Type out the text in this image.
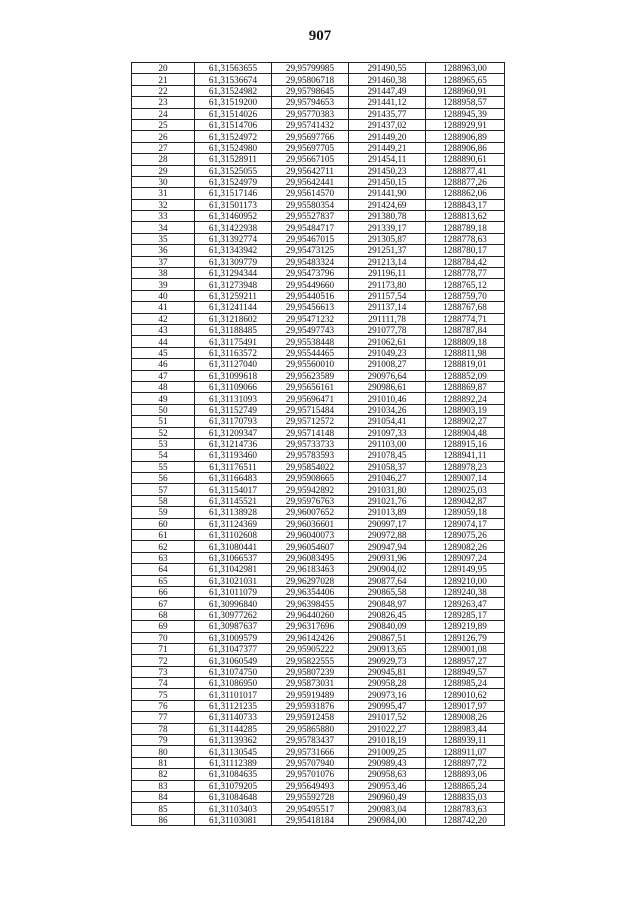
907
20	61,31563655	29,95799985	291490,55	1288963,00
21	61,31536674	29,95806718	291460,38	1288965,65
22	61,31524982	29,95798645	291447,49	1288960,91
23	61,31519200	29,95794653	291441,12	1288958,57
24	61,31514026	29,95770383	291435,77	1288945,39
25	61,31514706	29,95741432	291437,02	1288929,91
26	61,31524972	29,95697766	291449,20	1288906,89
27	61,31524980	29,95697705	291449,21	1288906,86
28	61,31528911	29,95667105	291454,11	1288890,61
29	61,31525055	29,95642711	291450,23	1288877,41
30	61,31524979	29,95642441	291450,15	1288877,26
31	61,31517146	29,95614570	291441,90	1288862,06
32	61,31501173	29,95580354	291424,69	1288843,17
33	61,31460952	29,95527837	291380,78	1288813,62
34	61,31422938	29,95484717	291339,17	1288789,18
35	61,31392774	29,95467015	291305,87	1288778,63
36	61,31343942	29,95473125	291251,37	1288780,17
37	61,31309779	29,95483324	291213,14	1288784,42
38	61,31294344	29,95473796	291196,11	1288778,77
39	61,31273948	29,95449660	291173,80	1288765,12
40	61,31259211	29,95440516	291157,54	1288759,70
41	61,31241144	29,95456613	291137,14	1288767,68
42	61,31218602	29,95471232	291111,78	1288774,71
43	61,31188485	29,95497743	291077,78	1288787,84
44	61,31175491	29,95538448	291062,61	1288809,18
45	61,31163572	29,95544465	291049,23	1288811,98
46	61,31127040	29,95560010	291008,27	1288819,01
47	61,31099618	29,95623589	290976,64	1288852,09
48	61,31109066	29,95656161	290986,61	1288869,87
49	61,31131093	29,95696471	291010,46	1288892,24
50	61,31152749	29,95715484	291034,26	1288903,19
51	61,31170793	29,95712572	291054,41	1288902,27
52	61,31209347	29,95714148	291097,33	1288904,48
53	61,31214736	29,95733733	291103,00	1288915,16
54	61,31193460	29,95783593	291078,45	1288941,11
55	61,31176511	29,95854022	291058,37	1288978,23
56	61,31166483	29,95908665	291046,27	1289007,14
57	61,31154017	29,95942892	291031,80	1289025,03
58	61,31145521	29,95976763	291021,76	1289042,87
59	61,31138928	29,96007652	291013,89	1289059,18
60	61,31124369	29,96036601	290997,17	1289074,17
61	61,31102608	29,96040073	290972,88	1289075,26
62	61,31080441	29,96054607	290947,94	1289082,26
63	61,31066537	29,96083495	290931,96	1289097,24
64	61,31042981	29,96183463	290904,02	1289149,95
65	61,31021031	29,96297028	290877,64	1289210,00
66	61,31011079	29,96354406	290865,58	1289240,38
67	61,30996840	29,96398455	290848,97	1289263,47
68	61,30977262	29,96440260	290826,45	1289285,17
69	61,30987637	29,96317696	290840,09	1289219,89
70	61,31009579	29,96142426	290867,51	1289126,79
71	61,31047377	29,95905222	290913,65	1289001,08
72	61,31060549	29,95822555	290929,73	1288957,27
73	61,31074750	29,95807239	290945,81	1288949,57
74	61,31086950	29,95873031	290958,28	1288985,24
75	61,31101017	29,95919489	290973,16	1289010,62
76	61,31121235	29,95931876	290995,47	1289017,97
77	61,31140733	29,95912458	291017,52	1289008,26
78	61,31144285	29,95865880	291022,27	1288983,44
79	61,31139362	29,95783437	291018,19	1288939,11
80	61,31130545	29,95731666	291009,25	1288911,07
81	61,31112389	29,95707940	290989,43	1288897,72
82	61,31084635	29,95701076	290958,63	1288893,06
83	61,31079205	29,95649493	290953,46	1288865,24
84	61,31084648	29,95592728	290960,49	1288835,03
85	61,31103403	29,95495517	290983,04	1288783,63
86	61,31103081	29,95418184	290984,00	1288742,20
